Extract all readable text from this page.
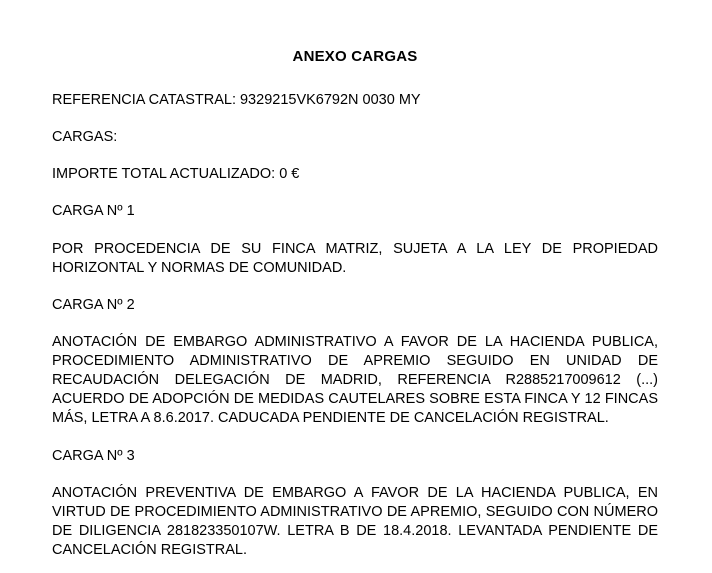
ANEXO CARGAS

REFERENCIA CATASTRAL: 9329215VK6792N 0030 MY

CARGAS:

IMPORTE TOTAL ACTUALIZADO: 0 €

CARGA Nº 1

POR PROCEDENCIA DE SU FINCA MATRIZ, SUJETA A LA LEY DE PROPIEDAD HORIZONTAL Y NORMAS DE COMUNIDAD.

CARGA Nº 2

ANOTACIÓN DE EMBARGO ADMINISTRATIVO A FAVOR DE LA HACIENDA PUBLICA, PROCEDIMIENTO ADMINISTRATIVO DE APREMIO SEGUIDO EN UNIDAD DE RECAUDACIÓN DELEGACIÓN DE MADRID, REFERENCIA R2885217009612 (...) ACUERDO DE ADOPCIÓN DE MEDIDAS CAUTELARES SOBRE ESTA FINCA Y 12 FINCAS MÁS, LETRA A 8.6.2017. CADUCADA PENDIENTE DE CANCELACIÓN REGISTRAL.

CARGA Nº 3

ANOTACIÓN PREVENTIVA DE EMBARGO A FAVOR DE LA HACIENDA PUBLICA, EN VIRTUD DE PROCEDIMIENTO ADMINISTRATIVO DE APREMIO, SEGUIDO CON NÚMERO DE DILIGENCIA 281823350107W. LETRA B DE 18.4.2018. LEVANTADA PENDIENTE DE CANCELACIÓN REGISTRAL.
